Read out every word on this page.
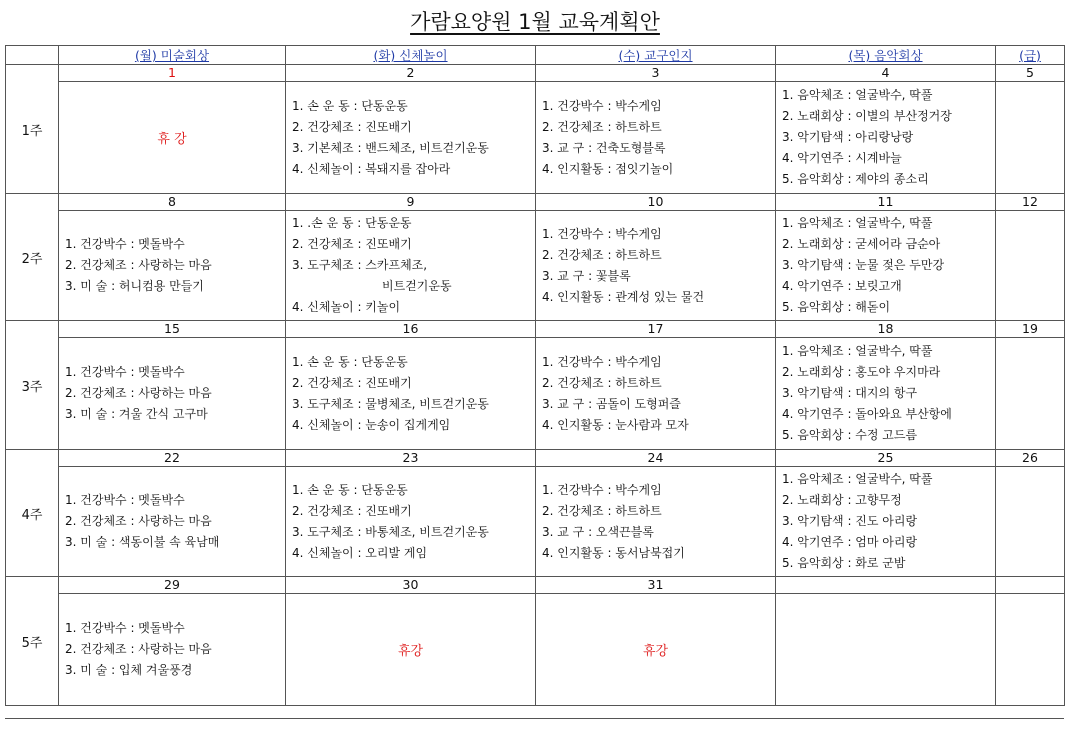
가람요양원 1월 교육계획안
	(월) 미술회상	(화) 신체놀이	(수) 교구인지	(목) 음악회상	(금)
1주	1	2	3	4	5
	휴 강	1. 손 운 동 : 단동운동
2. 건강체조 : 진또배기
3. 기본체조 : 밴드체조, 비트걷기운동
4. 신체놀이 : 복돼지를 잡아라	1. 건강박수 : 박수게임
2. 건강체조 : 하트하트
3. 교 구 : 건축도형블록
4. 인지활동 : 점잇기놀이	1. 음악체조 : 얼굴박수, 딱풀
2. 노래회상 : 이별의 부산정거장
3. 악기탐색 : 아리랑낭랑
4. 악기연주 : 시계바늘
5. 음악회상 : 제야의 종소리	

2주	8	9	10	11	12

	1. 건강박수 : 멧돌박수
2. 건강체조 : 사랑하는 마음
3. 미 술 : 허니컴용 만들기	1. .손 운 동 : 단동운동
2. 건강체조 : 진또배기
3. 도구체조 : 스카프체조,
비트걷기운동
4. 신체놀이 : 키놀이	1. 건강박수 : 박수게임
2. 건강체조 : 하트하트
3. 교 구 : 꽃블록
4. 인지활동 : 관계성 있는 물건	1. 음악체조 : 얼굴박수, 딱풀
2. 노래회상 : 굳세어라 금순아
3. 악기탐색 : 눈물 젖은 두만강
4. 악기연주 : 보릿고개
5. 음악회상 : 해돋이	

3주	15	16	17	18	19

	1. 건강박수 : 멧돌박수
2. 건강체조 : 사랑하는 마음
3. 미 술 : 겨울 간식 고구마	1. 손 운 동 : 단동운동
2. 건강체조 : 진또배기
3. 도구체조 : 물병체조, 비트걷기운동
4. 신체놀이 : 눈송이 집게게임	1. 건강박수 : 박수게임
2. 건강체조 : 하트하트
3. 교 구 : 곰돌이 도형퍼즐
4. 인지활동 : 눈사람과 모자	1. 음악체조 : 얼굴박수, 딱풀
2. 노래회상 : 홍도야 우지마라
3. 악기탐색 : 대지의 항구
4. 악기연주 : 돌아와요 부산항에
5. 음악회상 : 수정 고드름	

4주	22	23	24	25	26

	1. 건강박수 : 멧돌박수
2. 건강체조 : 사랑하는 마음
3. 미 술 : 색동이불 속 육남매	1. 손 운 동 : 단동운동
2. 건강체조 : 진또배기
3. 도구체조 : 바통체조, 비트걷기운동
4. 신체놀이 : 오리발 게임	1. 건강박수 : 박수게임
2. 건강체조 : 하트하트
3. 교 구 : 오색끈블록
4. 인지활동 : 동서남북접기	1. 음악체조 : 얼굴박수, 딱풀
2. 노래회상 : 고향무정
3. 악기탐색 : 진도 아리랑
4. 악기연주 : 엄마 아리랑
5. 음악회상 : 화로 군밤	

5주	29	30	31		

	1. 건강박수 : 멧돌박수
2. 건강체조 : 사랑하는 마음
3. 미 술 : 입체 겨울풍경	휴강	휴강		
